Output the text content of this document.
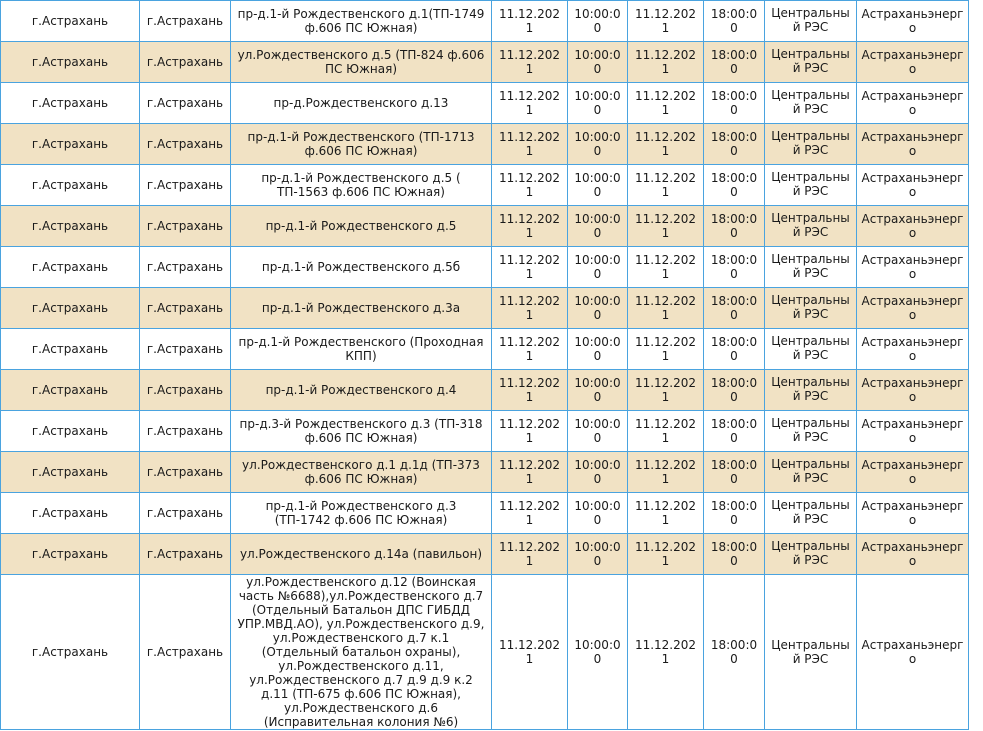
г.Астрахань	г.Астрахань	пр-д.1-й Рождественского д.1(ТП-1749 ф.606 ПС Южная)	11.12.2021	10:00:00	11.12.2021	18:00:00	Центральный РЭС	Астраханьэнерго
г.Астрахань	г.Астрахань	ул.Рождественского д.5 (ТП-824 ф.606 ПС Южная)	11.12.2021	10:00:00	11.12.2021	18:00:00	Центральный РЭС	Астраханьэнерго
г.Астрахань	г.Астрахань	пр-д.Рождественского д.13	11.12.2021	10:00:00	11.12.2021	18:00:00	Центральный РЭС	Астраханьэнерго
г.Астрахань	г.Астрахань	пр-д.1-й Рождественского (ТП-1713 ф.606 ПС Южная)	11.12.2021	10:00:00	11.12.2021	18:00:00	Центральный РЭС	Астраханьэнерго
г.Астрахань	г.Астрахань	пр-д.1-й Рождественского д.5 ( ТП-1563 ф.606 ПС Южная)	11.12.2021	10:00:00	11.12.2021	18:00:00	Центральный РЭС	Астраханьэнерго
г.Астрахань	г.Астрахань	пр-д.1-й Рождественского д.5	11.12.2021	10:00:00	11.12.2021	18:00:00	Центральный РЭС	Астраханьэнерго
г.Астрахань	г.Астрахань	пр-д.1-й Рождественского д.5б	11.12.2021	10:00:00	11.12.2021	18:00:00	Центральный РЭС	Астраханьэнерго
г.Астрахань	г.Астрахань	пр-д.1-й Рождественского д.3а	11.12.2021	10:00:00	11.12.2021	18:00:00	Центральный РЭС	Астраханьэнерго
г.Астрахань	г.Астрахань	пр-д.1-й Рождественского (Проходная КПП)	11.12.2021	10:00:00	11.12.2021	18:00:00	Центральный РЭС	Астраханьэнерго
г.Астрахань	г.Астрахань	пр-д.1-й Рождественского д.4	11.12.2021	10:00:00	11.12.2021	18:00:00	Центральный РЭС	Астраханьэнерго
г.Астрахань	г.Астрахань	пр-д.3-й Рождественского д.3 (ТП-318 ф.606 ПС Южная)	11.12.2021	10:00:00	11.12.2021	18:00:00	Центральный РЭС	Астраханьэнерго
г.Астрахань	г.Астрахань	ул.Рождественского д.1 д.1д (ТП-373 ф.606 ПС Южная)	11.12.2021	10:00:00	11.12.2021	18:00:00	Центральный РЭС	Астраханьэнерго
г.Астрахань	г.Астрахань	пр-д.1-й Рождественского д.3 (ТП-1742 ф.606 ПС Южная)	11.12.2021	10:00:00	11.12.2021	18:00:00	Центральный РЭС	Астраханьэнерго
г.Астрахань	г.Астрахань	ул.Рождественского д.14а (павильон)	11.12.2021	10:00:00	11.12.2021	18:00:00	Центральный РЭС	Астраханьэнерго
г.Астрахань	г.Астрахань	ул.Рождественского д.12 (Воинская часть №6688),ул.Рождественского д.7 (Отдельный Батальон ДПС ГИБДД УПР.МВД.АО), ул.Рождественского д.9, ул.Рождественского д.7 к.1 (Отдельный батальон охраны), ул.Рождественского д.11, ул.Рождественского д.7 д.9 д.9 к.2 д.11 (ТП-675 ф.606 ПС Южная), ул.Рождественского д.6 (Исправительная колония №6)	11.12.2021	10:00:00	11.12.2021	18:00:00	Центральный РЭС	Астраханьэнерго
